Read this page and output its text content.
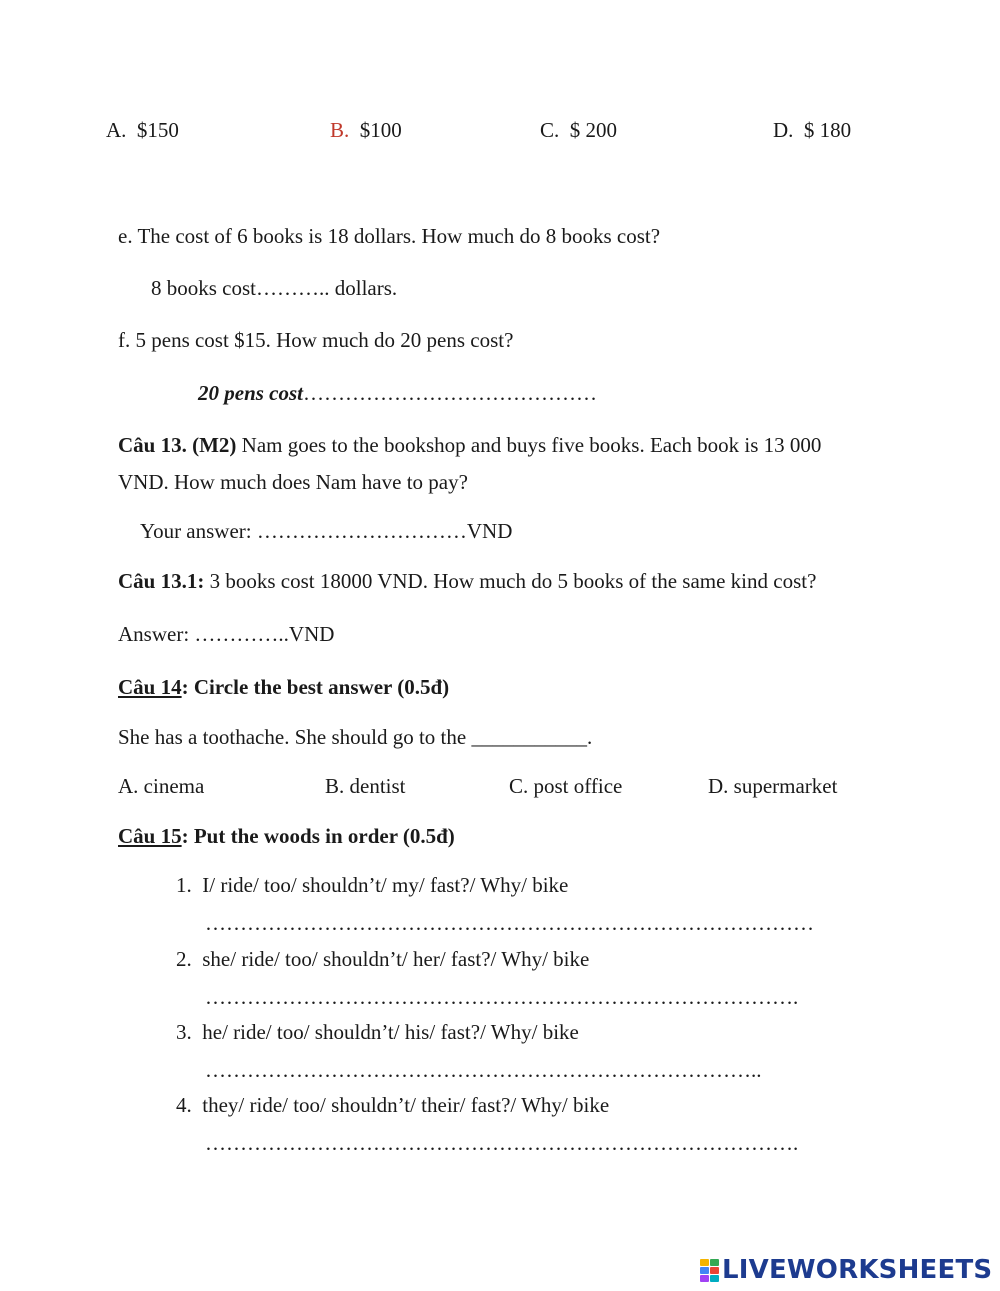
A. $150	B. $100	C. $ 200	D. $ 180
e. The cost of 6 books is 18 dollars. How much do 8 books cost?
8 books cost……….. dollars.
f. 5 pens cost $15. How much do 20 pens cost?
20 pens cost……………………………………
Câu 13. (M2) Nam goes to the bookshop and buys five books. Each book is 13 000
VND. How much does Nam have to pay?
Your answer: …………………………VND
Câu 13.1: 3 books cost 18000 VND. How much do 5 books of the same kind cost?
Answer: …………..VND
Câu 14: Circle the best answer (0.5đ)
She has a toothache. She should go to the ___________.
A. cinema	B. dentist	C. post office	D. supermarket
Câu 15: Put the woods in order (0.5đ)
1. I/ ride/ too/ shouldn’t/ my/ fast?/ Why/ bike
……………………………………………………………………………
2. she/ ride/ too/ shouldn’t/ her/ fast?/ Why/ bike
………………………………………………………………………….
3. he/ ride/ too/ shouldn’t/ his/ fast?/ Why/ bike
……………………………………………………………………..
4. they/ ride/ too/ shouldn’t/ their/ fast?/ Why/ bike
………………………………………………………………………….
LIVEWORKSHEETS
